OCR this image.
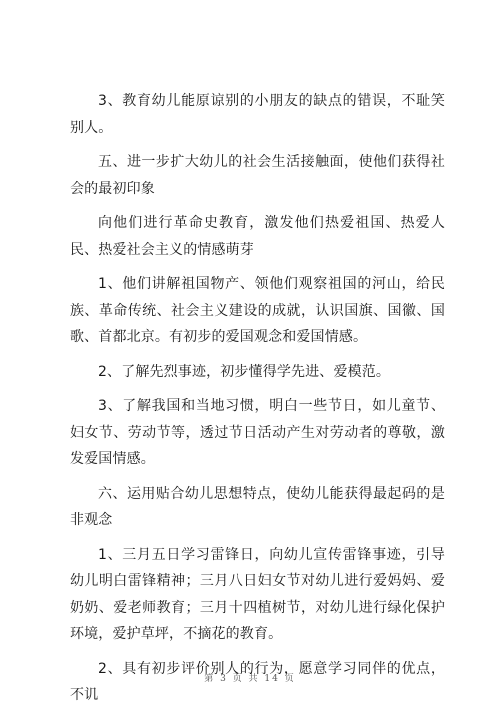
3、教育幼儿能原谅别的小朋友的缺点的错误，不耻笑别人。

五、进一步扩大幼儿的社会生活接触面，使他们获得社会的最初印象

向他们进行革命史教育，激发他们热爱祖国、热爱人民、热爱社会主义的情感萌芽

1、他们讲解祖国物产、领他们观察祖国的河山，给民族、革命传统、社会主义建设的成就，认识国旗、国徽、国歌、首都北京。有初步的爱国观念和爱国情感。

2、了解先烈事迹，初步懂得学先进、爱模范。

3、了解我国和当地习惯，明白一些节日，如儿童节、妇女节、劳动节等，透过节日活动产生对劳动者的尊敬，激发爱国情感。

六、运用贴合幼儿思想特点，使幼儿能获得最起码的是非观念

1、三月五日学习雷锋日，向幼儿宣传雷锋事迹，引导幼儿明白雷锋精神；三月八日妇女节对幼儿进行爱妈妈、爱奶奶、爱老师教育；三月十四植树节，对幼儿进行绿化保护环境，爱护草坪，不摘花的教育。

2、具有初步评价别人的行为，愿意学习同伴的优点，不讥

第 3 页 共 14 页
